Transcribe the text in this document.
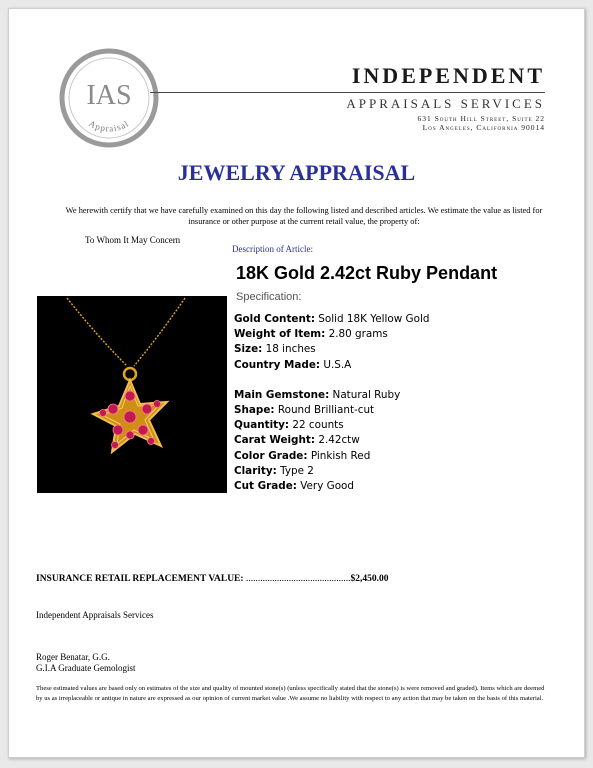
IAS
Appraisal
INDEPENDENT
APPRAISALS SERVICES
631 South Hill Street, Suite 22
Los Angeles, California 90014
JEWELRY APPRAISAL
We herewith certify that we have carefully examined on this day the following listed and described articles. We estimate the value as listed for insurance or other purpose at the current retail value, the property of:
To Whom It May Concern
Description of Article:
18K Gold 2.42ct Ruby Pendant
Specification:
Gold Content: Solid 18K Yellow Gold
Weight of Item: 2.80 grams
Size: 18 inches
Country Made: U.S.A
Main Gemstone: Natural Ruby
Shape: Round Brilliant-cut
Quantity: 22 counts
Carat Weight: 2.42ctw
Color Grade: Pinkish Red
Clarity: Type 2
Cut Grade: Very Good
INSURANCE RETAIL REPLACEMENT VALUE: ............................................$2,450.00
Independent Appraisals Services
Roger Benatar, G.G.
G.I.A Graduate Gemologist
These estimated values are based only on estimates of the size and quality of mounted stone(s) (unless specifically stated that the stone(s) is were removed and graded). Items which are deemed by us as irreplaceable or antique in nature are expressed as our opinion of current market value .We assume no liability with respect to any action that may be taken on the basis of this material.
